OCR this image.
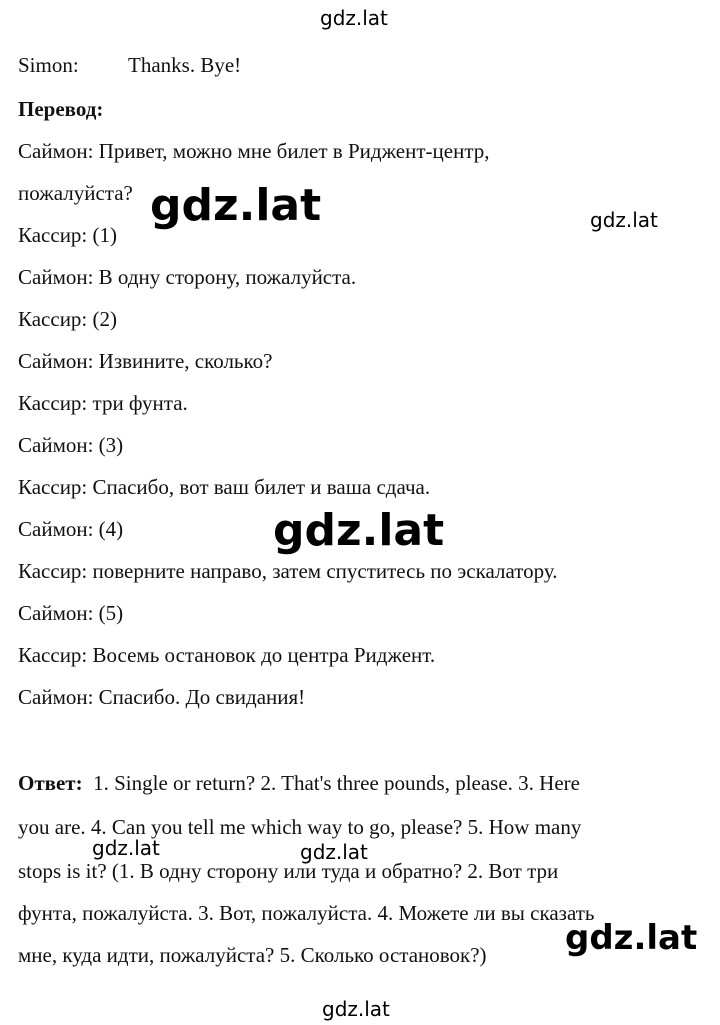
gdz.lat
gdz.lat	gdz.lat
gdz.lat
Simon: Thanks. Bye!
Перевод:
Саймон: Привет, можно мне билет в Риджент-центр,
пожалуйста?
Кассир: (1)
Саймон: В одну сторону, пожалуйста.
Кассир: (2)
Саймон: Извините, сколько?
Кассир: три фунта.
Саймон: (3)
Кассир: Спасибо, вот ваш билет и ваша сдача.
Саймон: (4)
Кассир: поверните направо, затем спуститесь по эскалатору.
Саймон: (5)
Кассир: Восемь остановок до центра Риджент.
Саймон: Спасибо. До свидания!
Ответ: 1. Single or return? 2. That's three pounds, please. 3. Here
you are. 4. Can you tell me which way to go, please? 5. How many
stops is it? (1. В одну сторону или туда и обратно? 2. Вот три
фунта, пожалуйста. 3. Вот, пожалуйста. 4. Можете ли вы сказать
мне, куда идти, пожалуйста? 5. Сколько остановок?)
gdz.lat	gdz.lat
gdz.lat
gdz.lat
